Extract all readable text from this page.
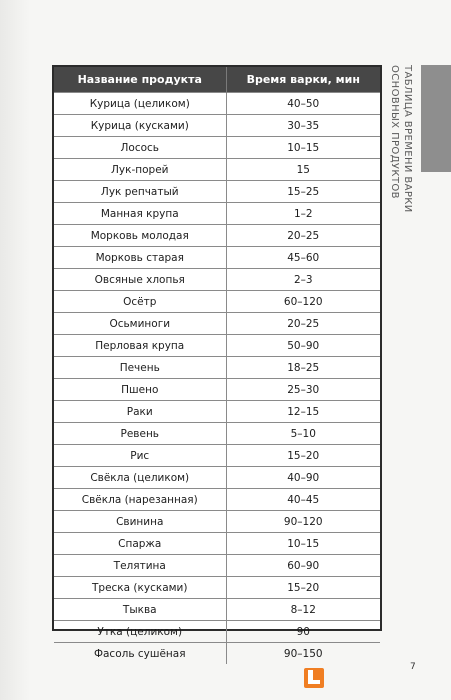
Название продукта	Время варки, мин
Курица (целиком)	40–50
Курица (кусками)	30–35
Лосось	10–15
Лук-порей	15
Лук репчатый	15–25
Манная крупа	1–2
Морковь молодая	20–25
Морковь старая	45–60
Овсяные хлопья	2–3
Осётр	60–120
Осьминоги	20–25
Перловая крупа	50–90
Печень	18–25
Пшено	25–30
Раки	12–15
Ревень	5–10
Рис	15–20
Свёкла (целиком)	40–90
Свёкла (нарезанная)	40–45
Свинина	90–120
Спаржа	10–15
Телятина	60–90
Треска (кусками)	15–20
Тыква	8–12
Утка (целиком)	90
Фасоль сушёная	90–150
ТАБЛИЦА ВРЕМЕНИ ВАРКИ
ОСНОВНЫХ ПРОДУКТОВ
7
